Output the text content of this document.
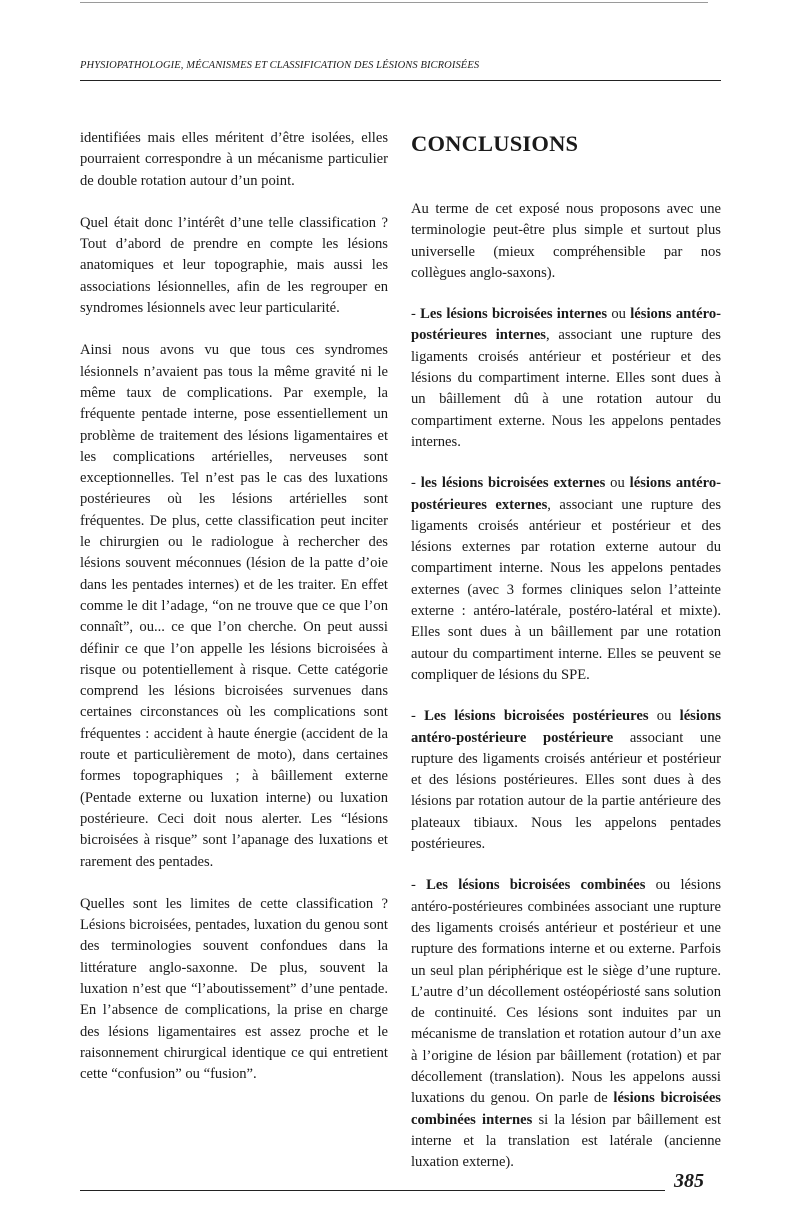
PHYSIOPATHOLOGIE, MÉCANISMES ET CLASSIFICATION DES LÉSIONS BICROISÉES

identifiées mais elles méritent d’être isolées, elles pourraient correspondre à un mécanisme particulier de double rotation autour d’un point.

Quel était donc l’intérêt d’une telle classification ? Tout d’abord de prendre en compte les lésions anatomiques et leur topographie, mais aussi les associations lésionnelles, afin de les regrouper en syndromes lésionnels avec leur particularité.

Ainsi nous avons vu que tous ces syndromes lésionnels n’avaient pas tous la même gravité ni le même taux de complications. Par exemple, la fréquente pentade interne, pose essentiellement un problème de traitement des lésions ligamentaires et les complications artérielles, nerveuses sont exceptionnelles. Tel n’est pas le cas des luxations postérieures où les lésions artérielles sont fréquentes. De plus, cette classification peut inciter le chirurgien ou le radiologue à rechercher des lésions souvent méconnues (lésion de la patte d’oie dans les pentades internes) et de les traiter. En effet comme le dit l’adage, “on ne trouve que ce que l’on connaît”, ou... ce que l’on cherche. On peut aussi définir ce que l’on appelle les lésions bicroisées à risque ou potentiellement à risque. Cette catégorie comprend les lésions bicroisées survenues dans certaines circonstances où les complications sont fréquentes : accident à haute énergie (accident de la route et particulièrement de moto), dans certaines formes topographiques ; à bâillement externe (Pentade externe ou luxation interne) ou luxation postérieure. Ceci doit nous alerter. Les “lésions bicroisées à risque” sont l’apanage des luxations et rarement des pentades.

Quelles sont les limites de cette classification ? Lésions bicroisées, pentades, luxation du genou sont des terminologies souvent confondues dans la littérature anglo-saxonne. De plus, souvent la luxation n’est que “l’aboutissement” d’une pentade. En l’absence de complications, la prise en charge des lésions ligamentaires est assez proche et le raisonnement chirurgical identique ce qui entretient cette “confusion” ou “fusion”.

CONCLUSIONS

Au terme de cet exposé nous proposons avec une terminologie peut-être plus simple et surtout plus universelle (mieux compréhensible par nos collègues anglo-saxons).

- Les lésions bicroisées internes ou lésions antéro-postérieures internes, associant une rupture des ligaments croisés antérieur et postérieur et des lésions du compartiment interne. Elles sont dues à un bâillement dû à une rotation autour du compartiment externe. Nous les appelons pentades internes.

- les lésions bicroisées externes ou lésions antéro-postérieures externes, associant une rupture des ligaments croisés antérieur et postérieur et des lésions externes par rotation externe autour du compartiment interne. Nous les appelons pentades externes (avec 3 formes cliniques selon l’atteinte externe : antéro-latérale, postéro-latéral et mixte). Elles sont dues à un bâillement par une rotation autour du compartiment interne. Elles se peuvent se compliquer de lésions du SPE.

- Les lésions bicroisées postérieures ou lésions antéro-postérieure postérieure associant une rupture des ligaments croisés antérieur et postérieur et des lésions postérieures. Elles sont dues à des lésions par rotation autour de la partie antérieure des plateaux tibiaux. Nous les appelons pentades postérieures.

- Les lésions bicroisées combinées ou lésions antéro-postérieures combinées associant une rupture des ligaments croisés antérieur et postérieur et une rupture des formations interne et ou externe. Parfois un seul plan périphérique est le siège d’une rupture. L’autre d’un décollement ostéopériosté sans solution de continuité. Ces lésions sont induites par un mécanisme de translation et rotation autour d’un axe à l’origine de lésion par bâillement (rotation) et par décollement (translation). Nous les appelons aussi luxations du genou. On parle de lésions bicroisées combinées internes si la lésion par bâillement est interne et la translation est latérale (ancienne luxation externe).

385
